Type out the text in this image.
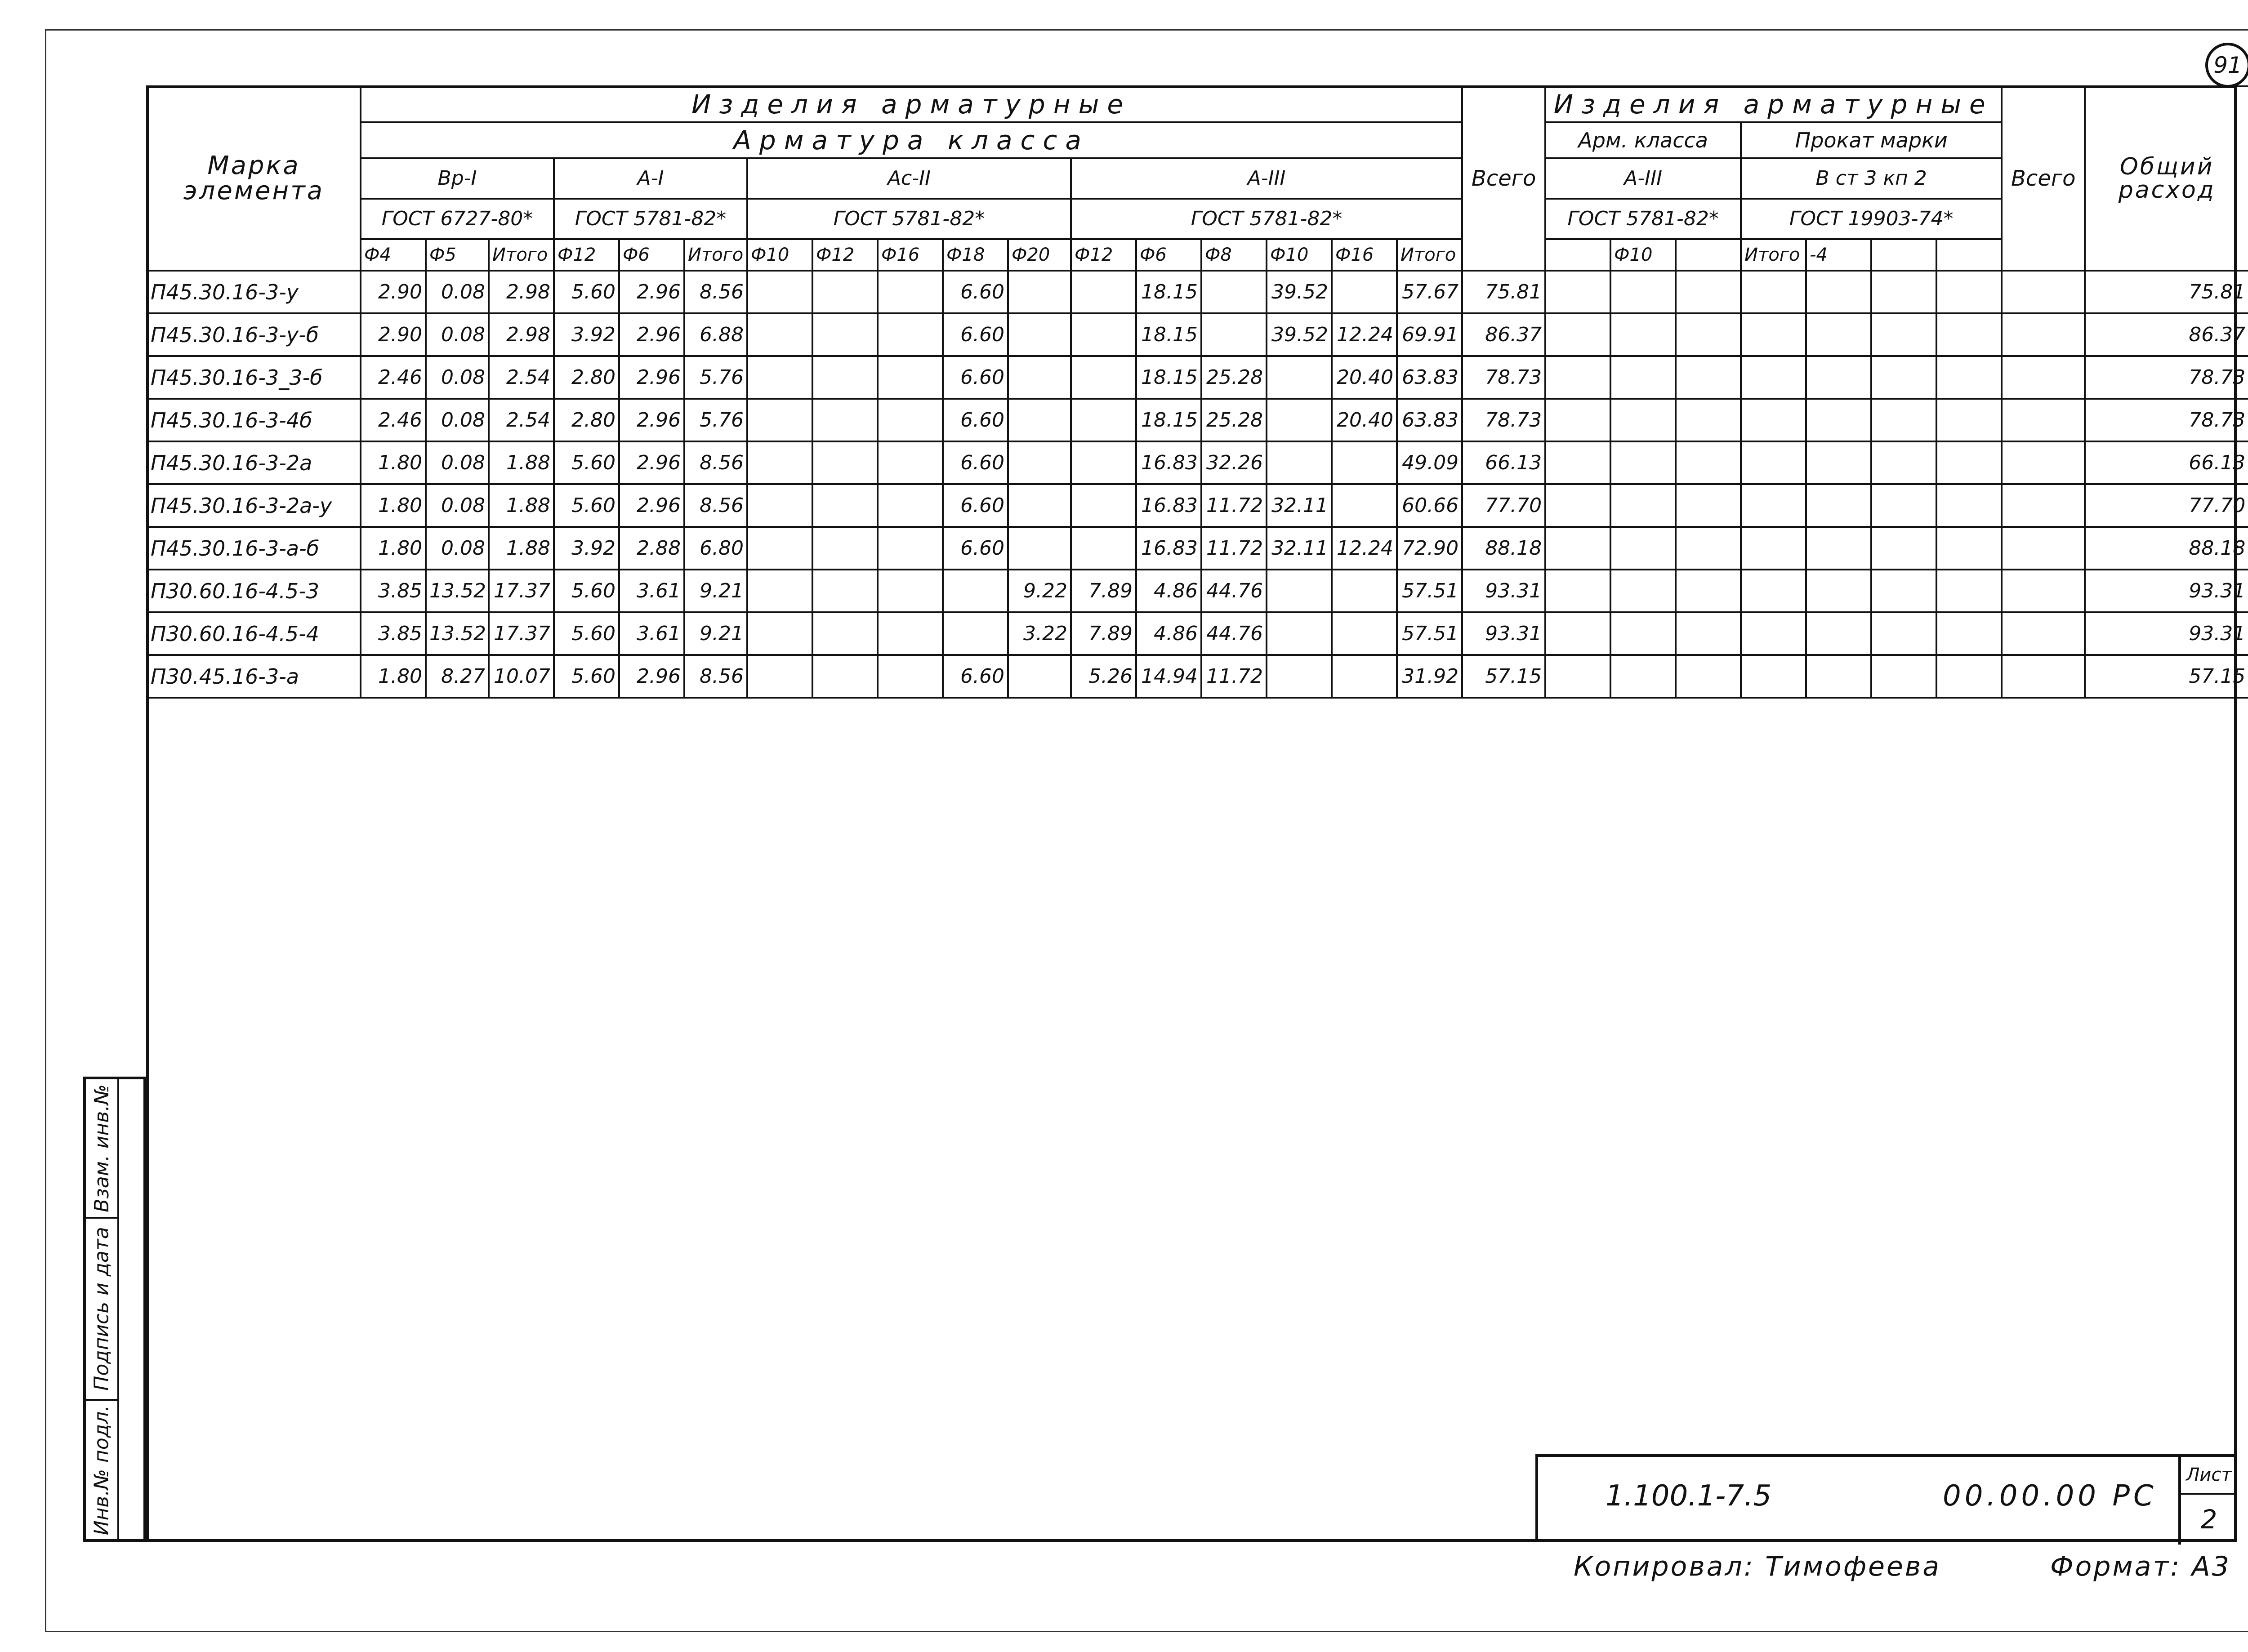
91
Марка элемента	Изделия арматурные																	Всего	Изделия арматурные							Всего	Общий расход	
	Арматура класса																		Арм. класса			Прокат марки						
	Вр-I			А-I			Ас-II					А-III							А-III			В ст 3 кп 2						
	ГОСТ 6727-80*			ГОСТ 5781-82*			ГОСТ 5781-82*					ГОСТ 5781-82*							ГОСТ 5781-82*			ГОСТ 19903-74*						
	Ф4	Ф5	Итого	Ф12	Ф6	Итого	Ф10	Ф12	Ф16	Ф18	Ф20	Ф12	Ф6	Ф8	Ф10	Ф16	Итого			Ф10		Итого	-4					
П45.30.16-3-у	2.90	0.08	2.98	5.60	2.96	8.56				6.60			18.15		39.52		57.67	75.81									75.81	
П45.30.16-3-у-б	2.90	0.08	2.98	3.92	2.96	6.88				6.60			18.15		39.52	12.24	69.91	86.37									86.37	
П45.30.16-3_3-б	2.46	0.08	2.54	2.80	2.96	5.76				6.60			18.15	25.28		20.40	63.83	78.73									78.73	
П45.30.16-3-4б	2.46	0.08	2.54	2.80	2.96	5.76				6.60			18.15	25.28		20.40	63.83	78.73									78.73	
П45.30.16-3-2а	1.80	0.08	1.88	5.60	2.96	8.56				6.60			16.83	32.26			49.09	66.13									66.13	
П45.30.16-3-2а-у	1.80	0.08	1.88	5.60	2.96	8.56				6.60			16.83	11.72	32.11		60.66	77.70									77.70	
П45.30.16-3-а-б	1.80	0.08	1.88	3.92	2.88	6.80				6.60			16.83	11.72	32.11	12.24	72.90	88.18									88.18	
П30.60.16-4.5-3	3.85	13.52	17.37	5.60	3.61	9.21					9.22	7.89	4.86	44.76			57.51	93.31									93.31	
П30.60.16-4.5-4	3.85	13.52	17.37	5.60	3.61	9.21					3.22	7.89	4.86	44.76			57.51	93.31									93.31	
П30.45.16-3-а	1.80	8.27	10.07	5.60	2.96	8.56				6.60		5.26	14.94	11.72			31.92	57.15									57.15	

Взам. инв.№
Подпись и дата
Инв.№ подл.	1.100.1-7.5	00.00.00 РС
Лист
2
Копировал: Тимофеева	Формат: А3
